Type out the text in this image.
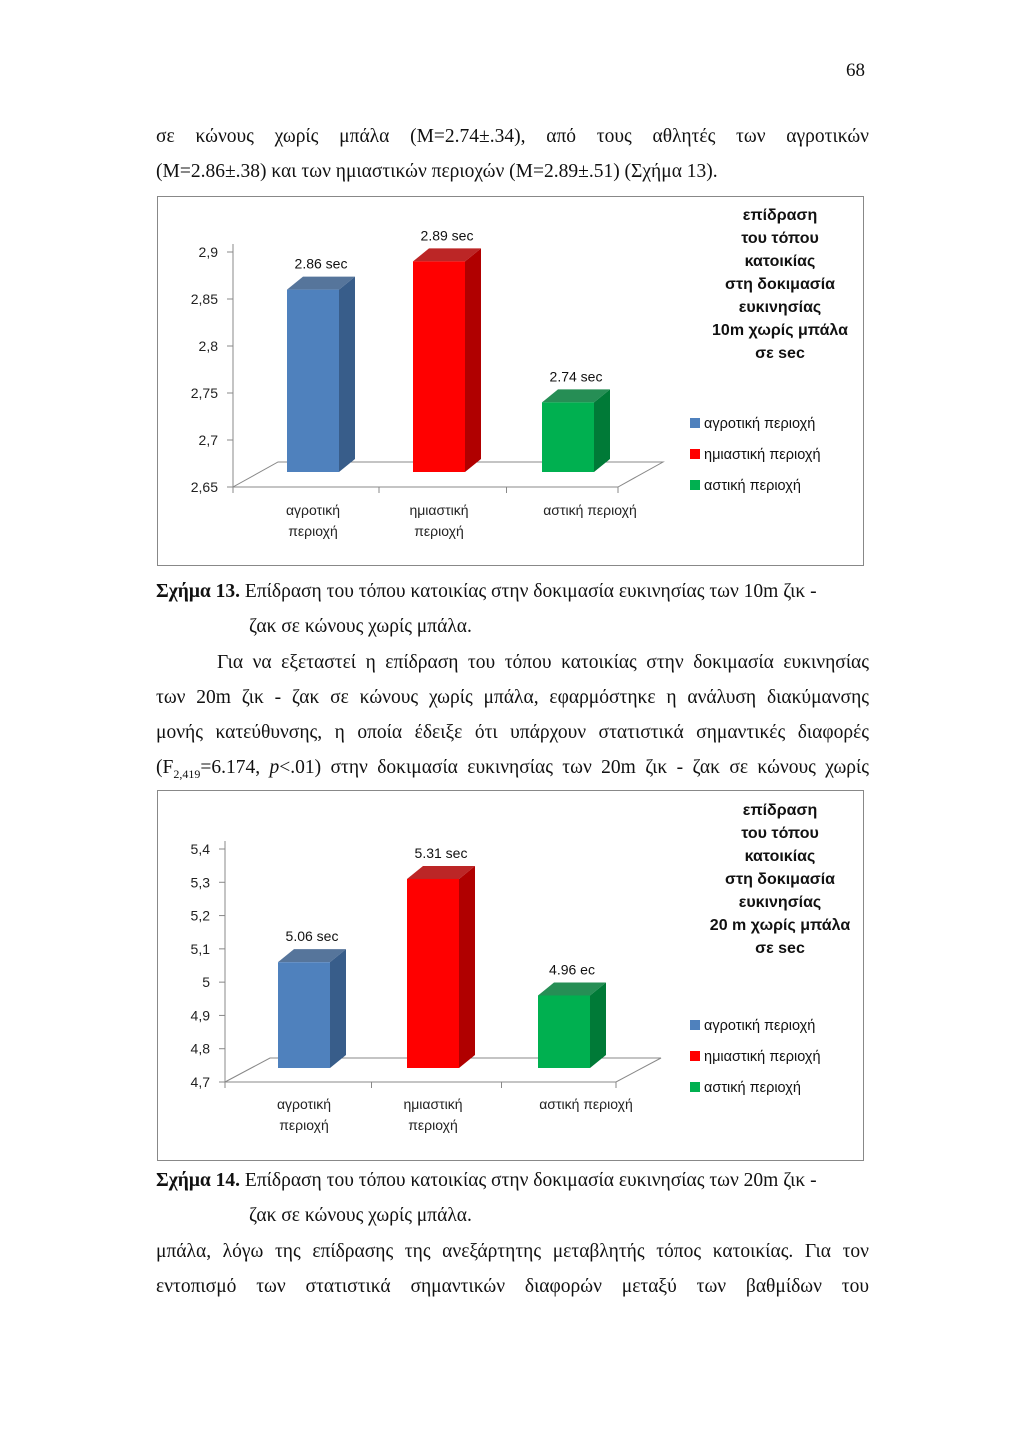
68
σε κώνους χωρίς μπάλα (Μ=2.74±.34), από τους αθλητές των αγροτικών
(Μ=2.86±.38) και των ημιαστικών περιοχών (Μ=2.89±.51) (Σχήμα 13).
2,65
2,7
2,75
2,8
2,85
2,9
2.86 sec
αγροτική
περιοχή
2.89 sec
ημιαστική
περιοχή
2.74 sec
αστική περιοχή
επίδραση
του τόπου
κατοικίας
στη δοκιμασία
ευκινησίας
10m χωρίς μπάλα
σε sec
αγροτική περιοχή
ημιαστική περιοχή
αστική περιοχή
Σχήμα 13. Επίδραση του τόπου κατοικίας στην δοκιμασία ευκινησίας των 10m ζικ -
ζακ σε κώνους χωρίς μπάλα.
Για να εξεταστεί η επίδραση του τόπου κατοικίας στην δοκιμασία ευκινησίας
των 20m ζικ - ζακ σε κώνους χωρίς μπάλα, εφαρμόστηκε η ανάλυση διακύμανσης
μονής κατεύθυνσης, η οποία έδειξε ότι υπάρχουν στατιστικά σημαντικές διαφορές
($F_{2,419}=6.174$, p<.01) στην δοκιμασία ευκινησίας των 20m ζικ - ζακ σε κώνους χωρίς
4,7
4,8
4,9
5
5,1
5,2
5,3
5,4
5.06 sec
αγροτική
περιοχή
5.31 sec
ημιαστική
περιοχή
4.96 ec
αστική περιοχή
επίδραση
του τόπου
κατοικίας
στη δοκιμασία
ευκινησίας
20 m χωρίς μπάλα
σε sec
αγροτική περιοχή
ημιαστική περιοχή
αστική περιοχή
Σχήμα 14. Επίδραση του τόπου κατοικίας στην δοκιμασία ευκινησίας των 20m ζικ -
ζακ σε κώνους χωρίς μπάλα.
μπάλα, λόγω της επίδρασης της ανεξάρτητης μεταβλητής τόπος κατοικίας. Για τον
εντοπισμό των στατιστικά σημαντικών διαφορών μεταξύ των βαθμίδων του
